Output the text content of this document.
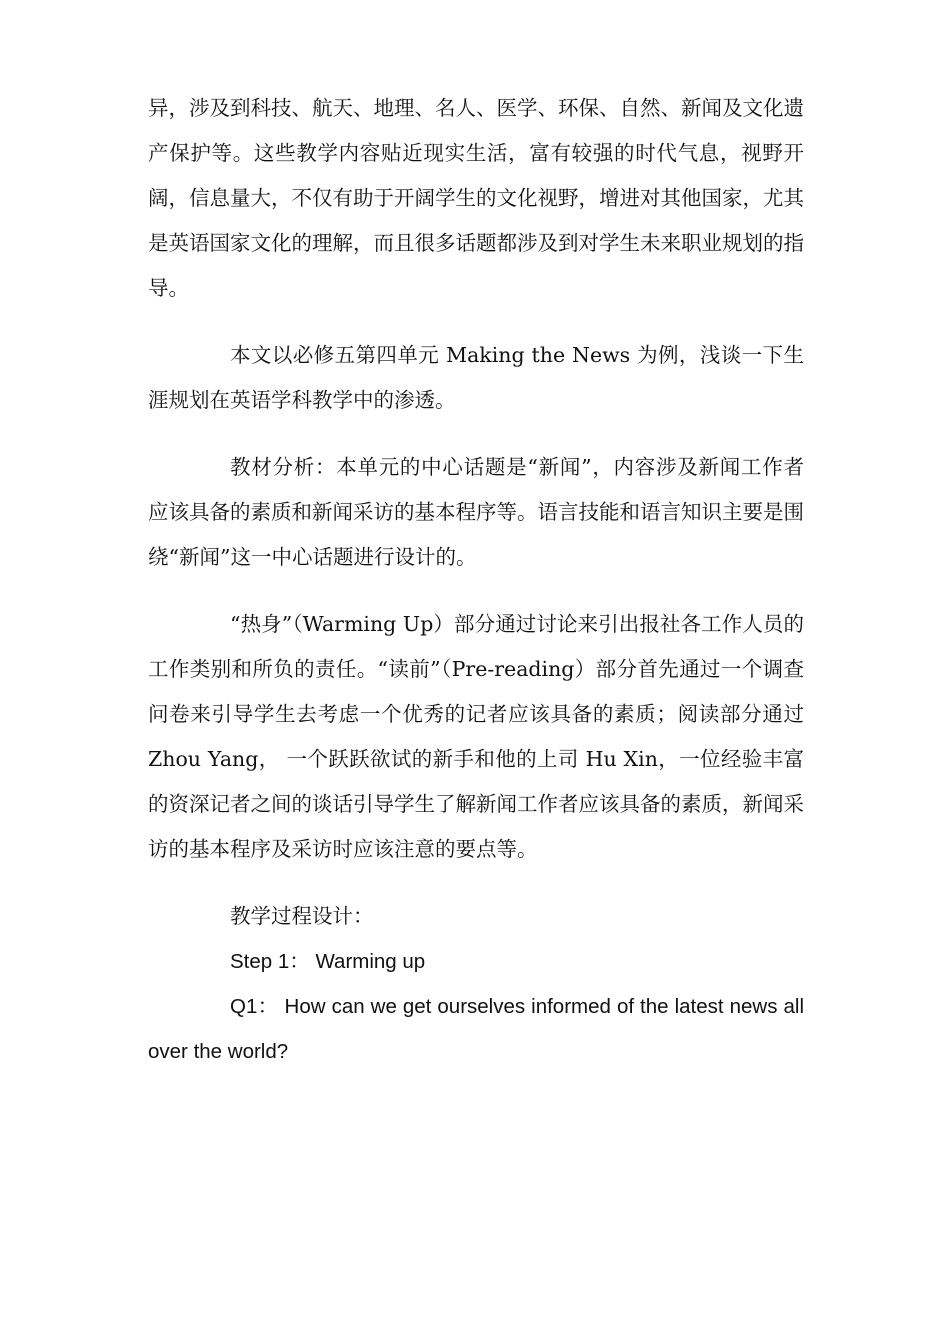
异，涉及到科技、航天、地理、名人、医学、环保、自然、新闻及文化遗产保护等。这些教学内容贴近现实生活，富有较强的时代气息，视野开阔，信息量大，不仅有助于开阔学生的文化视野，增进对其他国家，尤其是英语国家文化的理解，而且很多话题都涉及到对学生未来职业规划的指导。

本文以必修五第四单元 Making the News 为例，浅谈一下生涯规划在英语学科教学中的渗透。

教材分析：本单元的中心话题是“新闻”，内容涉及新闻工作者应该具备的素质和新闻采访的基本程序等。语言技能和语言知识主要是围绕“新闻”这一中心话题进行设计的。

“热身”（Warming Up）部分通过讨论来引出报社各工作人员的工作类别和所负的责任。“读前”（Pre-reading）部分首先通过一个调查问卷来引导学生去考虑一个优秀的记者应该具备的素质；阅读部分通过 Zhou Yang， 一个跃跃欲试的新手和他的上司 Hu Xin，一位经验丰富的资深记者之间的谈话引导学生了解新闻工作者应该具备的素质，新闻采访的基本程序及采访时应该注意的要点等。

教学过程设计：

Step 1： Warming up

Q1： How can we get ourselves informed of the latest news all over the world?
